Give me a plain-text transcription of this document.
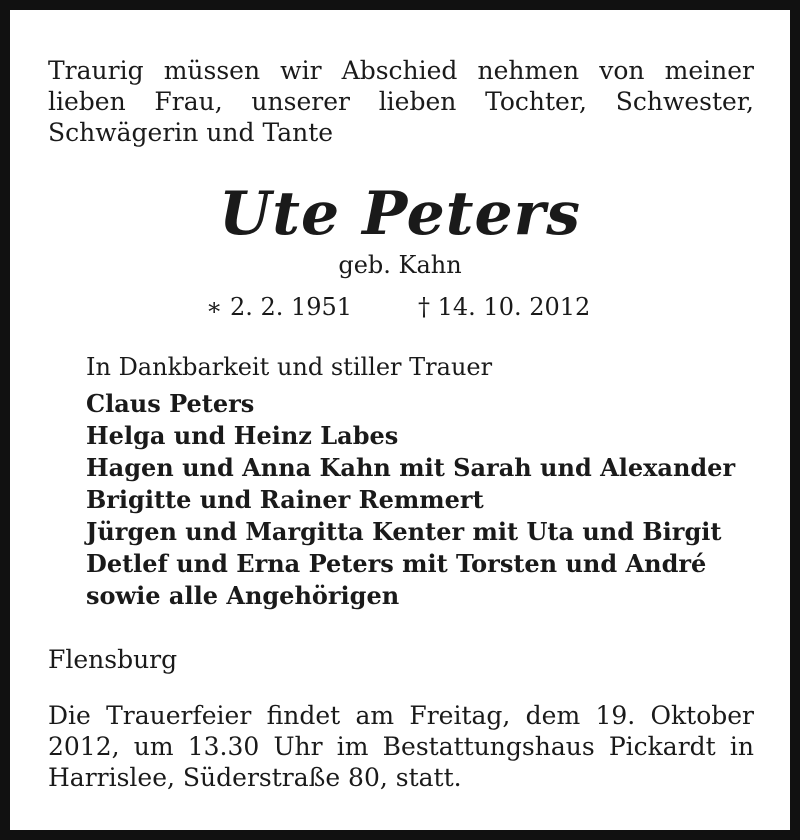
Traurig müssen wir Abschied nehmen von meiner
lieben Frau, unserer lieben Tochter, Schwester,
Schwägerin und Tante
Ute Peters
geb. Kahn
∗ 2. 2. 1951	† 14. 10. 2012
In Dankbarkeit und stiller Trauer
Claus Peters
Helga und Heinz Labes
Hagen und Anna Kahn mit Sarah und Alexander
Brigitte und Rainer Remmert
Jürgen und Margitta Kenter mit Uta und Birgit
Detlef und Erna Peters mit Torsten und André
sowie alle Angehörigen
Flensburg
Die Trauerfeier findet am Freitag, dem 19. Oktober
2012, um 13.30 Uhr im Bestattungshaus Pickardt in
Harrislee, Süderstraße 80, statt.
